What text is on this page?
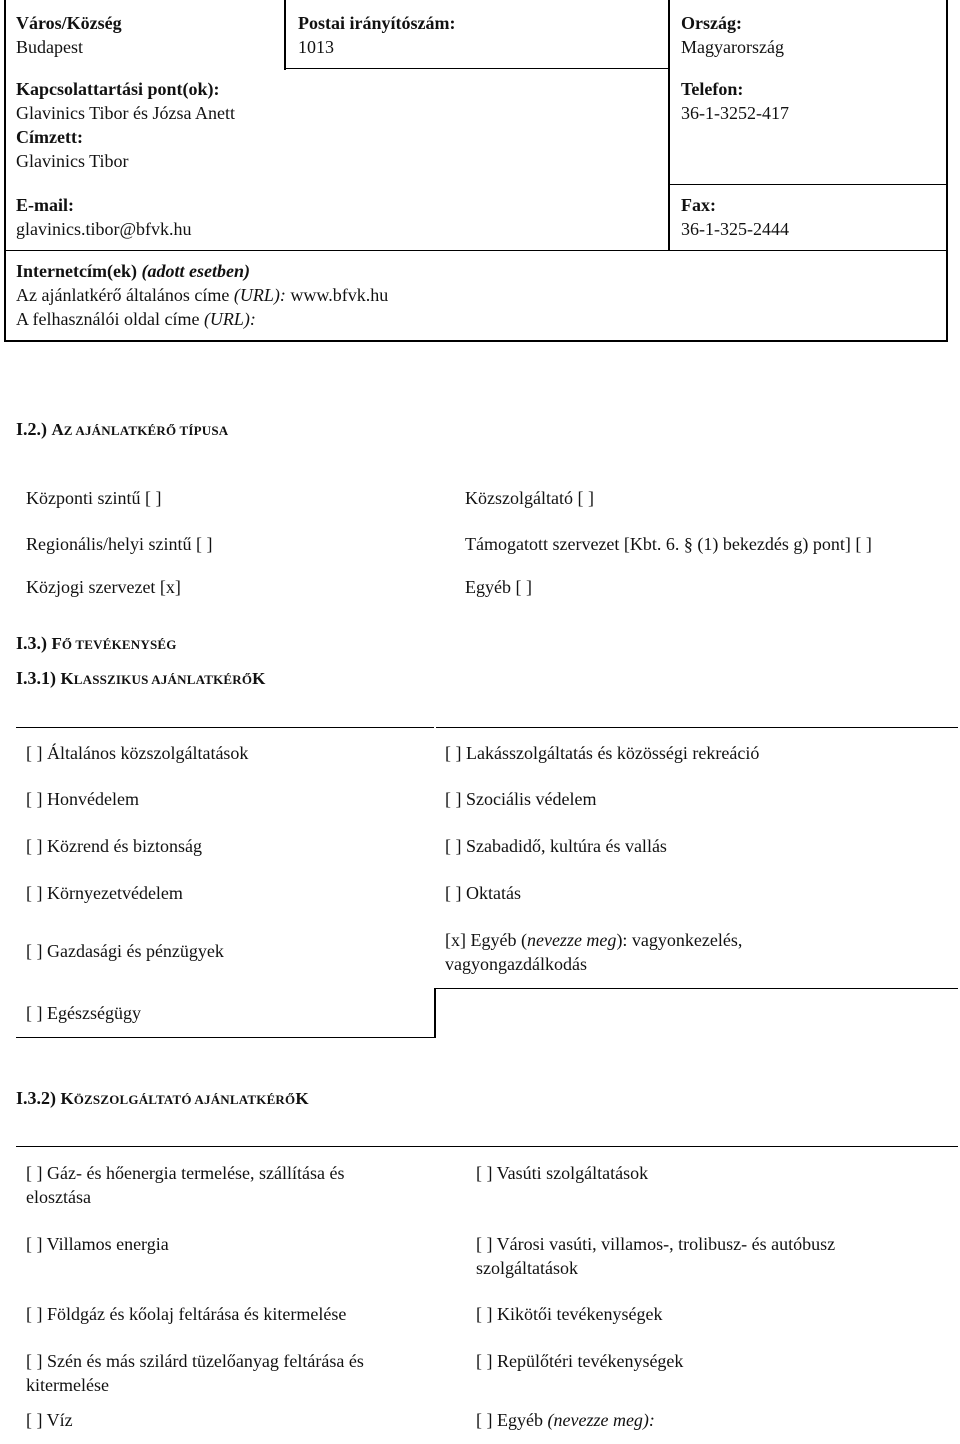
Város/Község
Budapest
Postai irányítószám:
1013
Ország:
Magyarország
Kapcsolattartási pont(ok):
Glavinics Tibor és Józsa Anett
Címzett:
Glavinics Tibor
Telefon:
36-1-3252-417
E-mail:
glavinics.tibor@bfvk.hu
Fax:
36-1-325-2444
Internetcím(ek) (adott esetben)
Az ajánlatkérő általános címe (URL): www.bfvk.hu
A felhasználói oldal címe (URL):
I.2.) AZ AJÁNLATKÉRŐ TÍPUSA
Központi szintű [ ]
Regionális/helyi szintű [ ]
Közjogi szervezet [x]
Közszolgáltató [ ]
Támogatott szervezet [Kbt. 6. § (1) bekezdés g) pont] [ ]
Egyéb [ ]
I.3.) FŐ TEVÉKENYSÉG
I.3.1) KLASSZIKUS AJÁNLATKÉRŐK
[ ] Általános közszolgáltatások
[ ] Honvédelem
[ ] Közrend és biztonság
[ ] Környezetvédelem
[ ] Gazdasági és pénzügyek
[ ] Egészségügy
[ ] Lakásszolgáltatás és közösségi rekreáció
[ ] Szociális védelem
[ ] Szabadidő, kultúra és vallás
[ ] Oktatás
[x] Egyéb (nevezze meg): vagyonkezelés,
vagyongazdálkodás
I.3.2) KÖZSZOLGÁLTATÓ AJÁNLATKÉRŐK
[ ] Gáz- és hőenergia termelése, szállítása és
elosztása
[ ] Villamos energia
[ ] Földgáz és kőolaj feltárása és kitermelése
[ ] Szén és más szilárd tüzelőanyag feltárása és
kitermelése
[ ] Víz
[ ] Vasúti szolgáltatások
[ ] Városi vasúti, villamos-, trolibusz- és autóbusz
szolgáltatások
[ ] Kikötői tevékenységek
[ ] Repülőtéri tevékenységek
[ ] Egyéb (nevezze meg):
